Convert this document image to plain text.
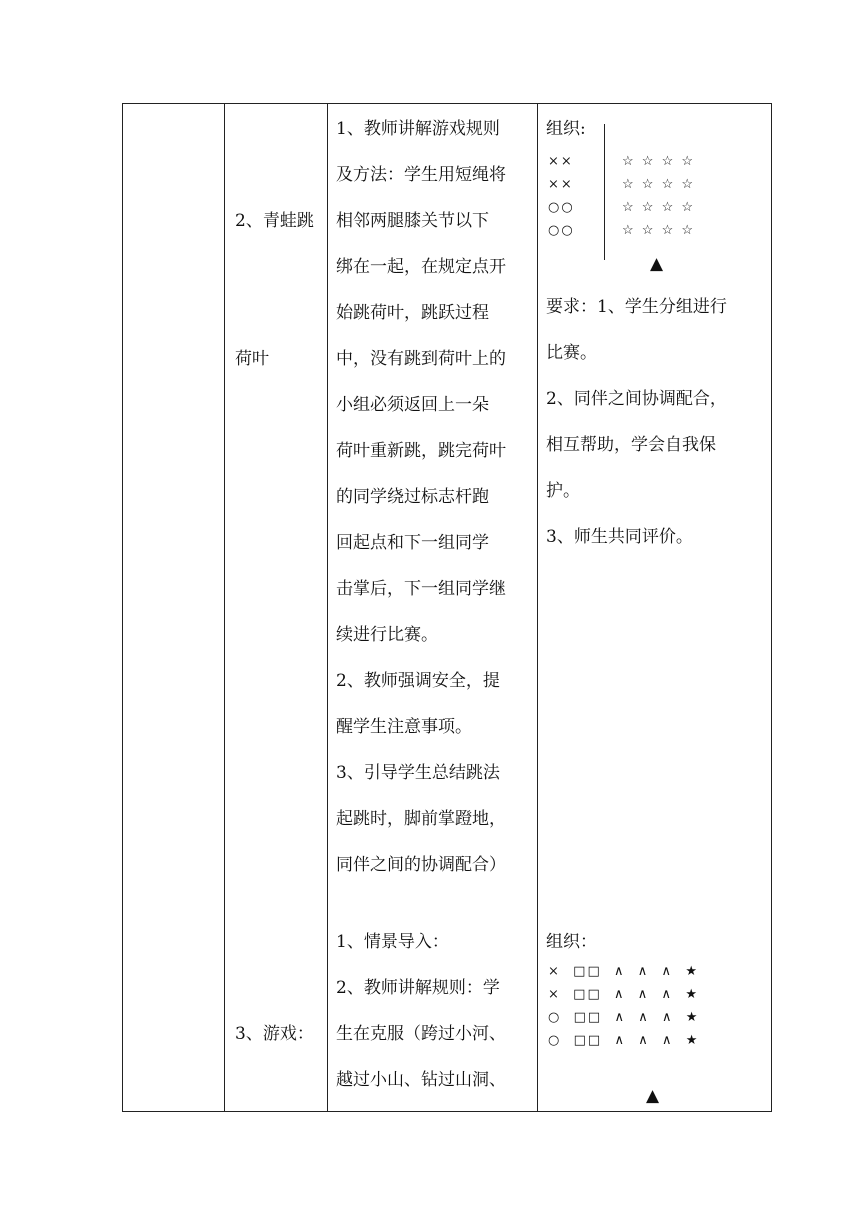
2、青蛙跳

荷叶

3、游戏：

1、教师讲解游戏规则
及方法：学生用短绳将
相邻两腿膝关节以下
绑在一起，在规定点开
始跳荷叶，跳跃过程
中，没有跳到荷叶上的
小组必须返回上一朵
荷叶重新跳，跳完荷叶
的同学绕过标志杆跑
回起点和下一组同学
击掌后，下一组同学继
续进行比赛。
2、教师强调安全，提
醒学生注意事项。
3、引导学生总结跳法
起跳时，脚前掌蹬地，
同伴之间的协调配合）
1、情景导入：
2、教师讲解规则：学
生在克服（跨过小河、
越过小山、钻过山洞、
组织:
××
××
○○
○○
☆ ☆ ☆ ☆
☆ ☆ ☆ ☆
☆ ☆ ☆ ☆
☆ ☆ ☆ ☆
▲
要求：1、学生分组进行
比赛。
2、同伴之间协调配合，
相互帮助，学会自我保
护。
3、师生共同评价。
组织：
×  □□  ∧  ∧  ∧  ★
×  □□  ∧  ∧  ∧  ★
○  □□  ∧  ∧  ∧  ★
○  □□  ∧  ∧  ∧  ★
▲
